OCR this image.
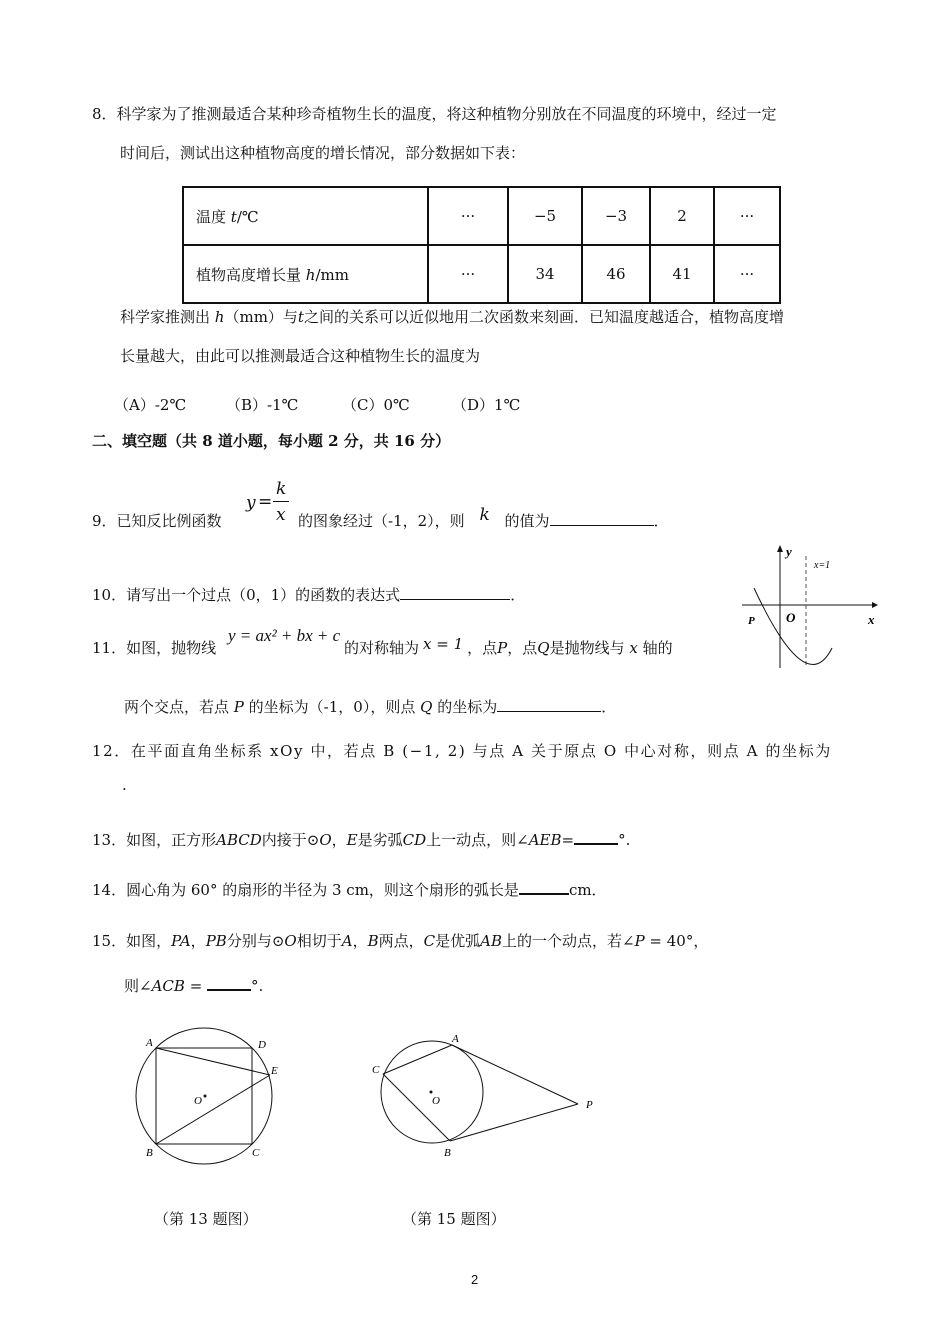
8．科学家为了推测最适合某种珍奇植物生长的温度，将这种植物分别放在不同温度的环境中，经过一定
时间后，测试出这种植物高度的增长情况，部分数据如下表：
温度 t/℃	···	−5	−3	2	···
植物高度增长量 h/mm	···	34	46	41	···
科学家推测出 h（mm）与t之间的关系可以近似地用二次函数来刻画．已知温度越适合，植物高度增
长量越大，由此可以推测最适合这种植物生长的温度为
（A）-2℃	（B）-1℃	（C）0℃	（D）1℃
二、填空题（共 8 道小题，每小题 2 分，共 16 分）
9．已知反比例函数
y =
k
x 的图象经过（-1，2），则 k 的值为	．
10．请写出一个过点（0，1）的函数的表达式	．
11．如图，抛物线
y = ax² + bx + c
的对称轴为 x = 1 ，点P，点Q是抛物线与 x 轴的
两个交点，若点 P 的坐标为（-1，0），则点 Q 的坐标为	．
y
x
O
P
x=1
12．在平面直角坐标系 xOy 中，若点 B (−1, 2) 与点 A 关于原点 O 中心对称，则点 A 的坐标为
.
13．如图，正方形ABCD内接于⊙O，E是劣弧CD上一动点，则∠AEB=	°.
14．圆心角为 60° 的扇形的半径为 3 cm，则这个扇形的弧长是	cm．
15．如图，PA，PB分别与⊙O相切于A，B两点，C是优弧AB上的一个动点，若∠P = 40°，
则∠ACB =	°.
A	D
E
O
B	C
（第 13 题图）
A
C
O	P
B
（第 15 题图）
2
